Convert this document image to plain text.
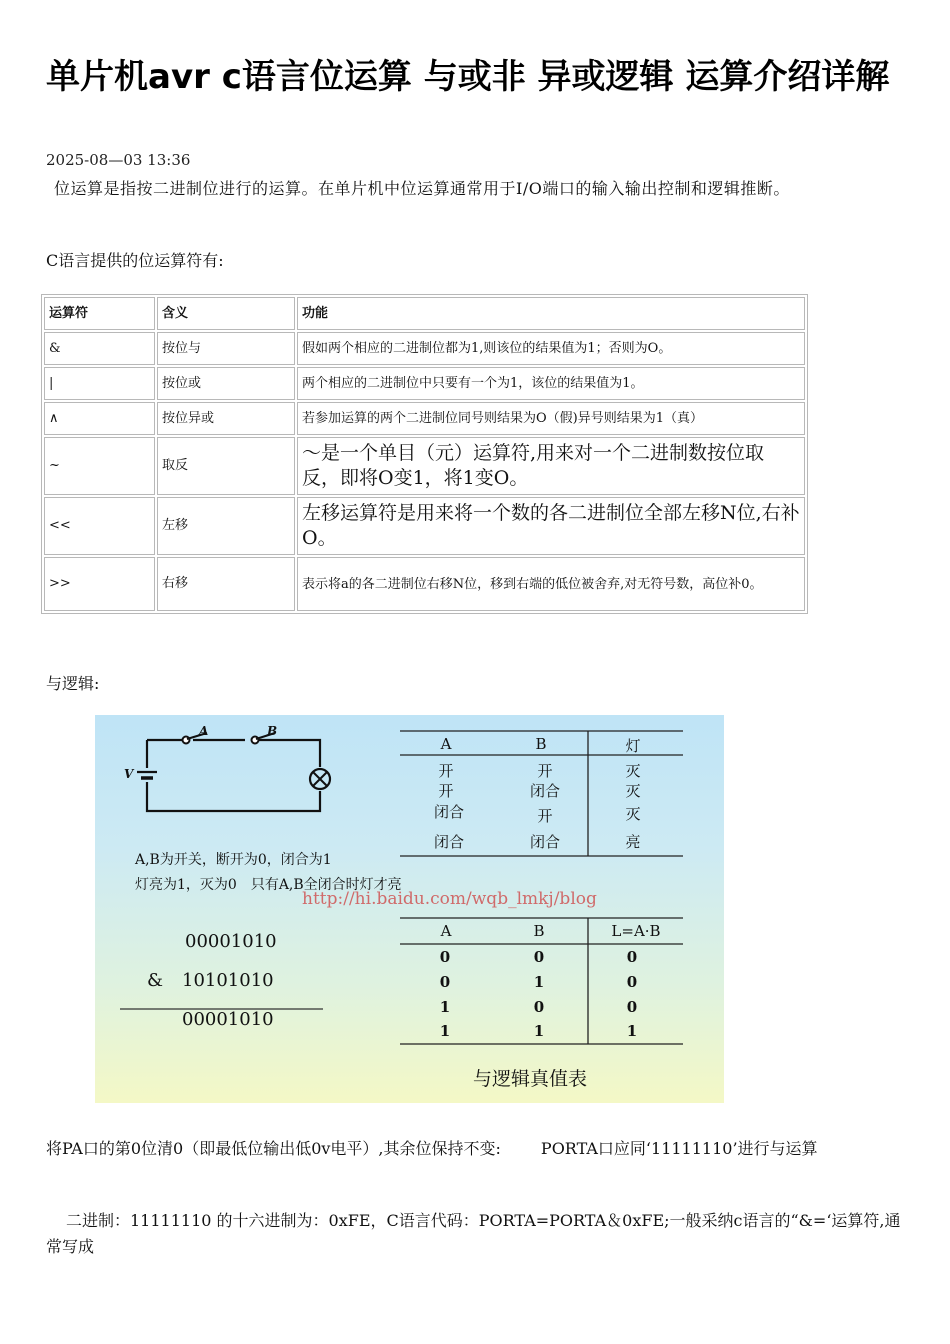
单片机avr c语言位运算 与或非 异或逻辑 运算介绍详解
2025-08—03 13:36
位运算是指按二进制位进行的运算。在单片机中位运算通常用于I/O端口的输入输出控制和逻辑推断。
C语言提供的位运算符有:
运算符	含义	功能
&	按位与	假如两个相应的二进制位都为1,则该位的结果值为1；否则为O。
|	按位或	两个相应的二进制位中只要有一个为1，该位的结果值为1。
∧	按位异或	若参加运算的两个二进制位同号则结果为O（假)异号则结果为1（真）
~	取反	～是一个单目（元）运算符,用来对一个二进制数按位取反，即将O变1，将1变O。
<<	左移	左移运算符是用来将一个数的各二进制位全部左移N位,右补O。
>>	右移	表示将a的各二进制位右移N位，移到右端的低位被舍弃,对无符号数，高位补0。
与逻辑:
A	B
V
A	B	灯
开	开	灭
开	闭合	灭
闭合	开	灭
闭合	闭合	亮
A,B为开关，断开为0，闭合为1
灯亮为1，灭为0　只有A,B全闭合时灯才亮
http://hi.baidu.com/wqb_lmkj/blog
00001010
& 10101010
00001010
A	B	L=A·B
0	0	0
0	1	0
1	0	0
1	1	1
与逻辑真值表
将PA口的第0位清0（即最低位输出低0v电平）,其余位保持不变:	PORTA口应同‘11111110’进行与运算
二进制：11111110 的十六进制为：0xFE，C语言代码：PORTA=PORTA＆0xFE;一般采纳c语言的“&=‘运算符,通常写成
